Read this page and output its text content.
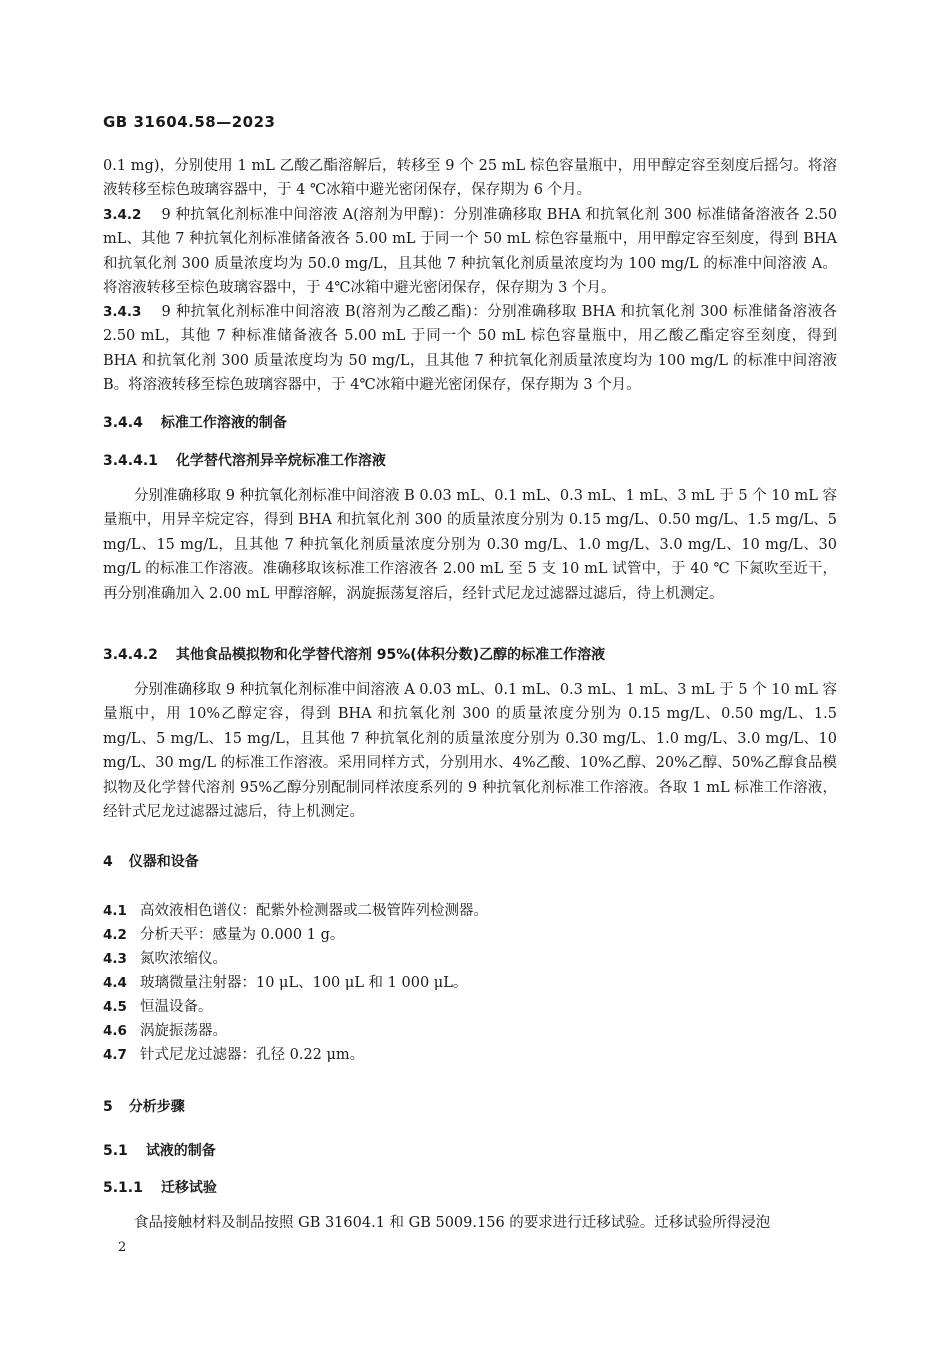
GB 31604.58—2023
0.1 mg)，分别使用 1 mL 乙酸乙酯溶解后，转移至 9 个 25 mL 棕色容量瓶中，用甲醇定容至刻度后摇匀。将溶液转移至棕色玻璃容器中，于 4 ℃冰箱中避光密闭保存，保存期为 6 个月。
3.4.2 9 种抗氧化剂标准中间溶液 A(溶剂为甲醇)：分别准确移取 BHA 和抗氧化剂 300 标准储备溶液各 2.50 mL、其他 7 种抗氧化剂标准储备液各 5.00 mL 于同一个 50 mL 棕色容量瓶中，用甲醇定容至刻度，得到 BHA 和抗氧化剂 300 质量浓度均为 50.0 mg/L，且其他 7 种抗氧化剂质量浓度均为 100 mg/L 的标准中间溶液 A。将溶液转移至棕色玻璃容器中，于 4℃冰箱中避光密闭保存，保存期为 3 个月。
3.4.3 9 种抗氧化剂标准中间溶液 B(溶剂为乙酸乙酯)：分别准确移取 BHA 和抗氧化剂 300 标准储备溶液各 2.50 mL，其他 7 种标准储备液各 5.00 mL 于同一个 50 mL 棕色容量瓶中，用乙酸乙酯定容至刻度，得到 BHA 和抗氧化剂 300 质量浓度均为 50 mg/L，且其他 7 种抗氧化剂质量浓度均为 100 mg/L 的标准中间溶液 B。将溶液转移至棕色玻璃容器中，于 4℃冰箱中避光密闭保存，保存期为 3 个月。
3.4.4 标准工作溶液的制备
3.4.4.1 化学替代溶剂异辛烷标准工作溶液
分别准确移取 9 种抗氧化剂标准中间溶液 B 0.03 mL、0.1 mL、0.3 mL、1 mL、3 mL 于 5 个 10 mL 容量瓶中，用异辛烷定容，得到 BHA 和抗氧化剂 300 的质量浓度分别为 0.15 mg/L、0.50 mg/L、1.5 mg/L、5 mg/L、15 mg/L，且其他 7 种抗氧化剂质量浓度分别为 0.30 mg/L、1.0 mg/L、3.0 mg/L、10 mg/L、30 mg/L 的标准工作溶液。准确移取该标准工作溶液各 2.00 mL 至 5 支 10 mL 试管中，于 40 ℃ 下氮吹至近干，再分别准确加入 2.00 mL 甲醇溶解，涡旋振荡复溶后，经针式尼龙过滤器过滤后，待上机测定。
3.4.4.2 其他食品模拟物和化学替代溶剂 95%(体积分数)乙醇的标准工作溶液
分别准确移取 9 种抗氧化剂标准中间溶液 A 0.03 mL、0.1 mL、0.3 mL、1 mL、3 mL 于 5 个 10 mL 容量瓶中，用 10%乙醇定容，得到 BHA 和抗氧化剂 300 的质量浓度分别为 0.15 mg/L、0.50 mg/L、1.5 mg/L、5 mg/L、15 mg/L，且其他 7 种抗氧化剂的质量浓度分别为 0.30 mg/L、1.0 mg/L、3.0 mg/L、10 mg/L、30 mg/L 的标准工作溶液。采用同样方式，分别用水、4%乙酸、10%乙醇、20%乙醇、50%乙醇食品模拟物及化学替代溶剂 95%乙醇分别配制同样浓度系列的 9 种抗氧化剂标准工作溶液。各取 1 mL 标准工作溶液，经针式尼龙过滤器过滤后，待上机测定。
4 仪器和设备
4.1 高效液相色谱仪：配紫外检测器或二极管阵列检测器。
4.2 分析天平：感量为 0.000 1 g。
4.3 氮吹浓缩仪。
4.4 玻璃微量注射器：10 μL、100 μL 和 1 000 μL。
4.5 恒温设备。
4.6 涡旋振荡器。
4.7 针式尼龙过滤器：孔径 0.22 μm。
5 分析步骤
5.1 试液的制备
5.1.1 迁移试验
食品接触材料及制品按照 GB 31604.1 和 GB 5009.156 的要求进行迁移试验。迁移试验所得浸泡
2
